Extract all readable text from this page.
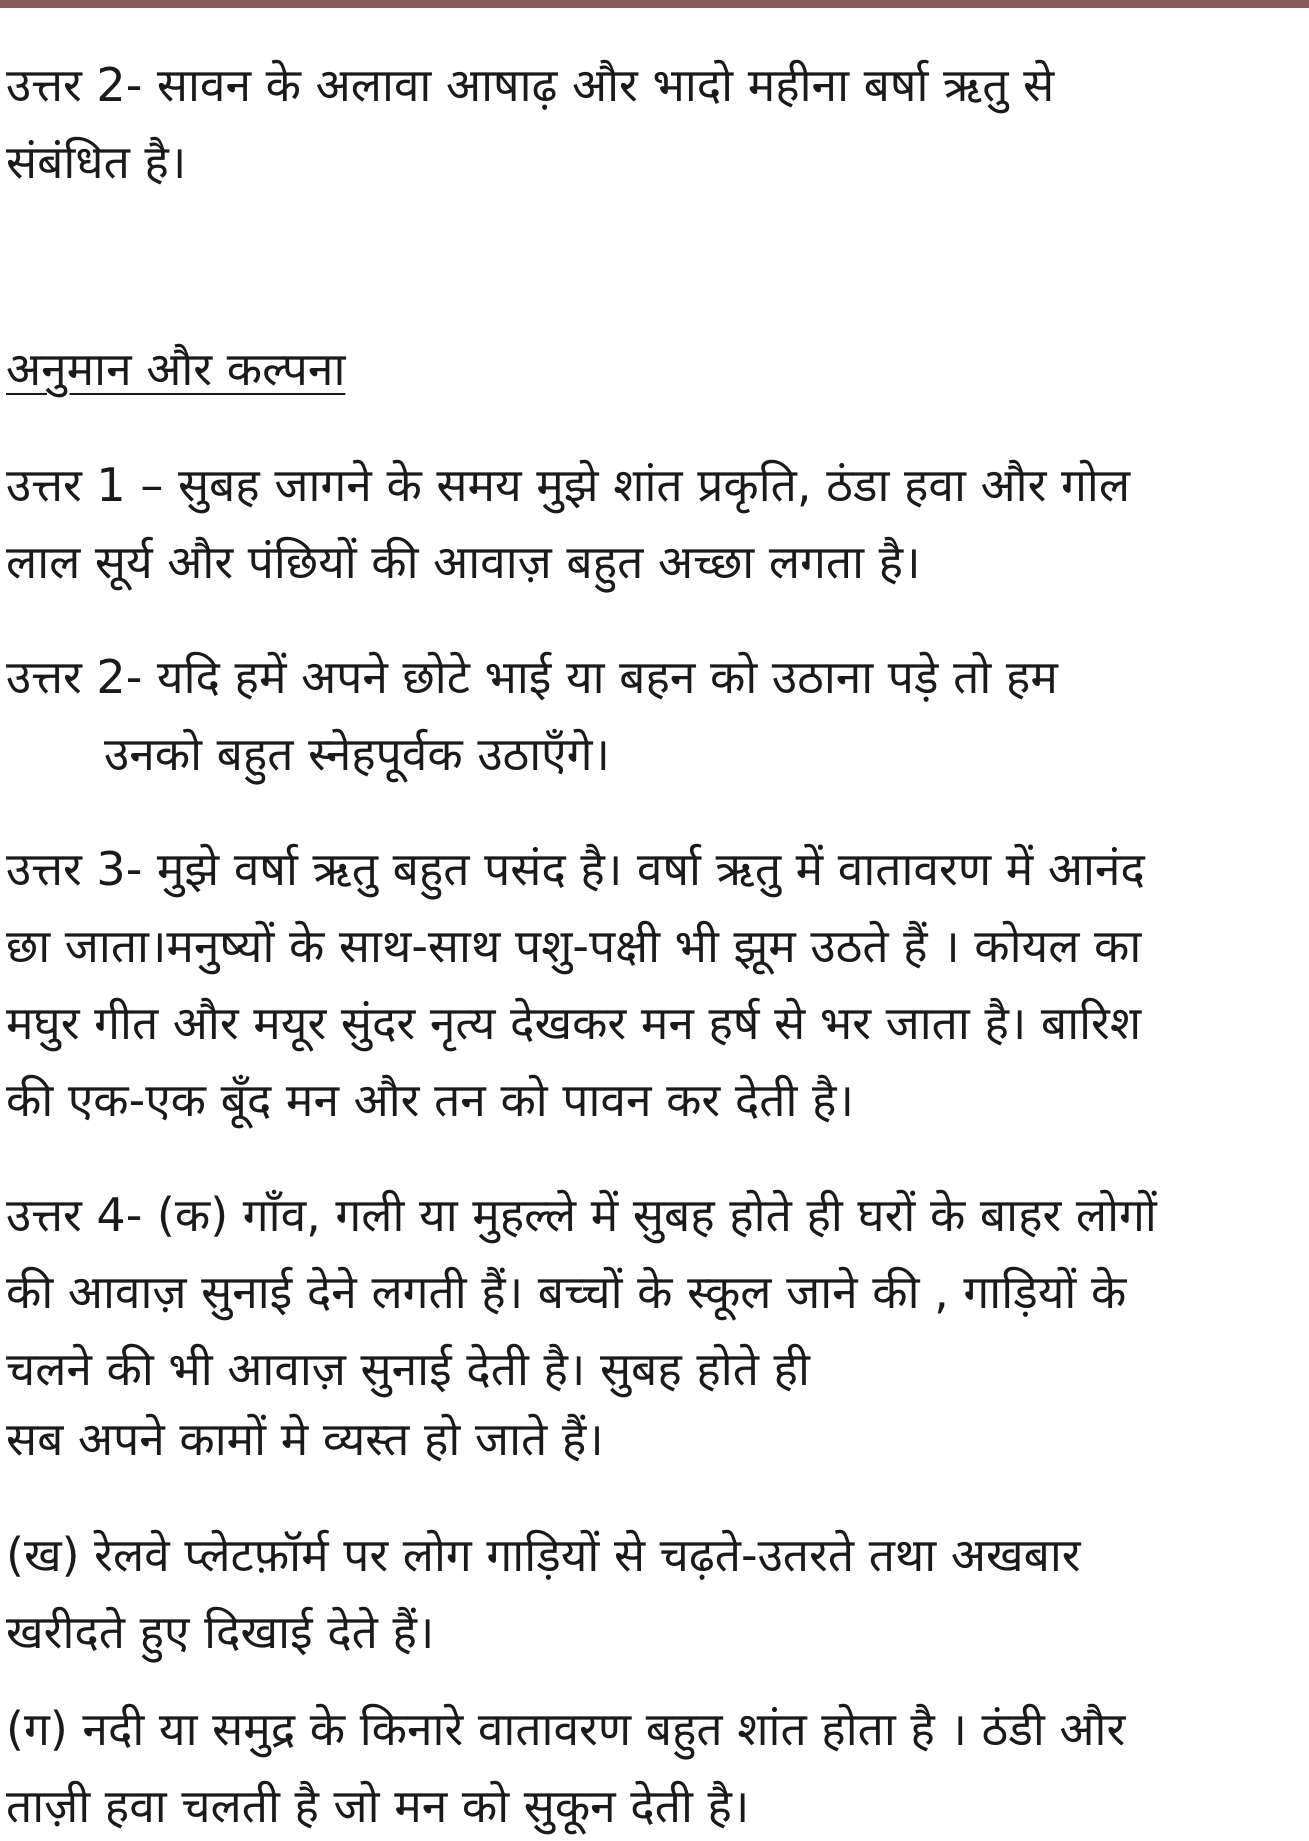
उत्तर 2- सावन के अलावा आषाढ़ और भादो महीना बर्षा ऋतु से
संबंधित है।
अनुमान और कल्पना
उत्तर 1 – सुबह जागने के समय मुझे शांत प्रकृति, ठंडा हवा और गोल
लाल सूर्य और पंछियों की आवाज़ बहुत अच्छा लगता है।
उत्तर 2- यदि हमें अपने छोटे भाई या बहन को उठाना पड़े तो हम
उनको बहुत स्नेहपूर्वक उठाएँगे।
उत्तर 3- मुझे वर्षा ऋतु बहुत पसंद है। वर्षा ऋतु में वातावरण में आनंद
छा जाता।मनुष्यों के साथ-साथ पशु-पक्षी भी झूम उठते हैं । कोयल का
मघुर गीत और मयूर सुंदर नृत्य देखकर मन हर्ष से भर जाता है। बारिश
की एक-एक बूँद मन और तन को पावन कर देती है।
उत्तर 4- (क) गाँव, गली या मुहल्ले में सुबह होते ही घरों के बाहर लोगों
की आवाज़ सुनाई देने लगती हैं। बच्चों के स्कूल जाने की , गाड़ियों के
चलने की भी आवाज़ सुनाई देती है। सुबह होते ही
सब अपने कामों मे व्यस्त हो जाते हैं।
(ख) रेलवे प्लेटफ़ॉर्म पर लोग गाड़ियों से चढ़ते-उतरते तथा अखबार
खरीदते हुए दिखाई देते हैं।
(ग) नदी या समुद्र के किनारे वातावरण बहुत शांत होता है । ठंडी और
ताज़ी हवा चलती है जो मन को सुकून देती है।
